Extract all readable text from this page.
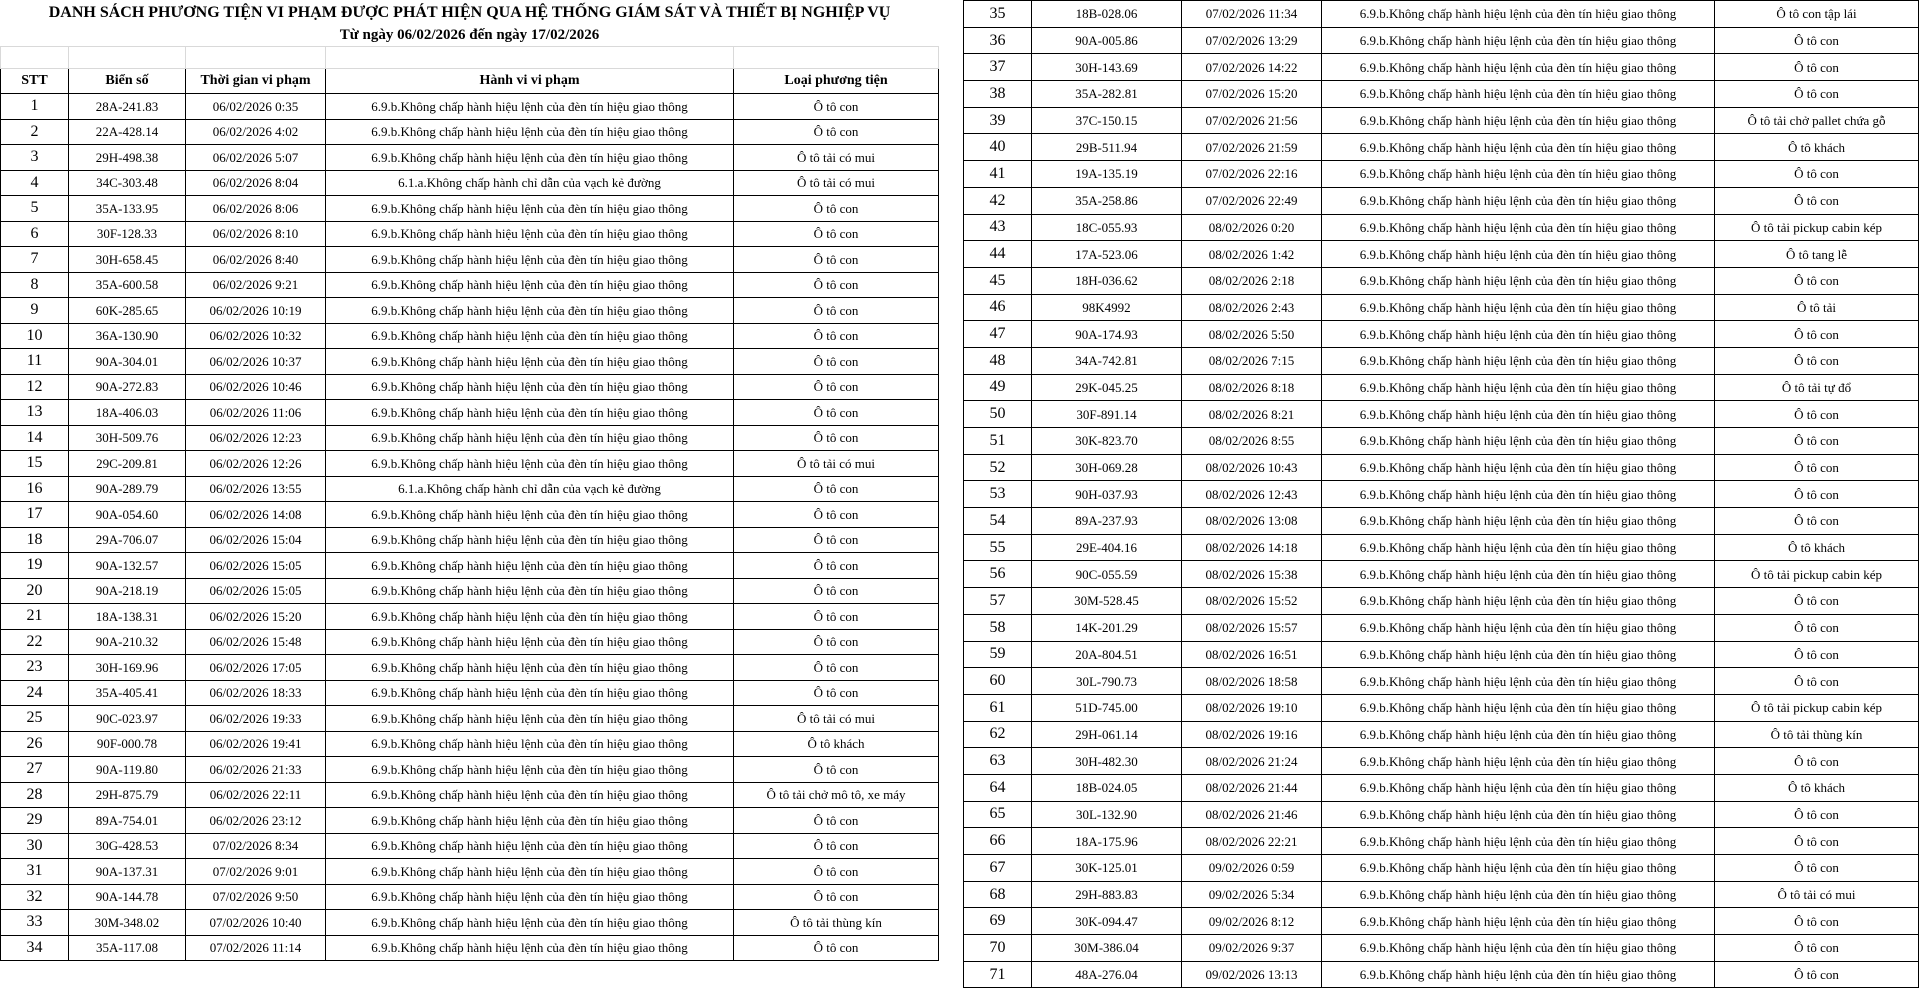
DANH SÁCH PHƯƠNG TIỆN VI PHẠM ĐƯỢC PHÁT HIỆN QUA HỆ THỐNG GIÁM SÁT VÀ THIẾT BỊ NGHIỆP VỤ				
Từ ngày 06/02/2026 đến ngày 17/02/2026				

STT	Biển số	Thời gian vi phạm	Hành vi vi phạm	Loại phương tiện
1	28A-241.83	06/02/2026 0:35	6.9.b.Không chấp hành hiệu lệnh của đèn tín hiệu giao thông	Ô tô con
2	22A-428.14	06/02/2026 4:02	6.9.b.Không chấp hành hiệu lệnh của đèn tín hiệu giao thông	Ô tô con
3	29H-498.38	06/02/2026 5:07	6.9.b.Không chấp hành hiệu lệnh của đèn tín hiệu giao thông	Ô tô tải có mui
4	34C-303.48	06/02/2026 8:04	6.1.a.Không chấp hành chỉ dẫn của vạch kẻ đường	Ô tô tải có mui
5	35A-133.95	06/02/2026 8:06	6.9.b.Không chấp hành hiệu lệnh của đèn tín hiệu giao thông	Ô tô con
6	30F-128.33	06/02/2026 8:10	6.9.b.Không chấp hành hiệu lệnh của đèn tín hiệu giao thông	Ô tô con
7	30H-658.45	06/02/2026 8:40	6.9.b.Không chấp hành hiệu lệnh của đèn tín hiệu giao thông	Ô tô con
8	35A-600.58	06/02/2026 9:21	6.9.b.Không chấp hành hiệu lệnh của đèn tín hiệu giao thông	Ô tô con
9	60K-285.65	06/02/2026 10:19	6.9.b.Không chấp hành hiệu lệnh của đèn tín hiệu giao thông	Ô tô con
10	36A-130.90	06/02/2026 10:32	6.9.b.Không chấp hành hiệu lệnh của đèn tín hiệu giao thông	Ô tô con
11	90A-304.01	06/02/2026 10:37	6.9.b.Không chấp hành hiệu lệnh của đèn tín hiệu giao thông	Ô tô con
12	90A-272.83	06/02/2026 10:46	6.9.b.Không chấp hành hiệu lệnh của đèn tín hiệu giao thông	Ô tô con
13	18A-406.03	06/02/2026 11:06	6.9.b.Không chấp hành hiệu lệnh của đèn tín hiệu giao thông	Ô tô con
14	30H-509.76	06/02/2026 12:23	6.9.b.Không chấp hành hiệu lệnh của đèn tín hiệu giao thông	Ô tô con
15	29C-209.81	06/02/2026 12:26	6.9.b.Không chấp hành hiệu lệnh của đèn tín hiệu giao thông	Ô tô tải có mui
16	90A-289.79	06/02/2026 13:55	6.1.a.Không chấp hành chỉ dẫn của vạch kẻ đường	Ô tô con
17	90A-054.60	06/02/2026 14:08	6.9.b.Không chấp hành hiệu lệnh của đèn tín hiệu giao thông	Ô tô con
18	29A-706.07	06/02/2026 15:04	6.9.b.Không chấp hành hiệu lệnh của đèn tín hiệu giao thông	Ô tô con
19	90A-132.57	06/02/2026 15:05	6.9.b.Không chấp hành hiệu lệnh của đèn tín hiệu giao thông	Ô tô con
20	90A-218.19	06/02/2026 15:05	6.9.b.Không chấp hành hiệu lệnh của đèn tín hiệu giao thông	Ô tô con
21	18A-138.31	06/02/2026 15:20	6.9.b.Không chấp hành hiệu lệnh của đèn tín hiệu giao thông	Ô tô con
22	90A-210.32	06/02/2026 15:48	6.9.b.Không chấp hành hiệu lệnh của đèn tín hiệu giao thông	Ô tô con
23	30H-169.96	06/02/2026 17:05	6.9.b.Không chấp hành hiệu lệnh của đèn tín hiệu giao thông	Ô tô con
24	35A-405.41	06/02/2026 18:33	6.9.b.Không chấp hành hiệu lệnh của đèn tín hiệu giao thông	Ô tô con
25	90C-023.97	06/02/2026 19:33	6.9.b.Không chấp hành hiệu lệnh của đèn tín hiệu giao thông	Ô tô tải có mui
26	90F-000.78	06/02/2026 19:41	6.9.b.Không chấp hành hiệu lệnh của đèn tín hiệu giao thông	Ô tô khách
27	90A-119.80	06/02/2026 21:33	6.9.b.Không chấp hành hiệu lệnh của đèn tín hiệu giao thông	Ô tô con
28	29H-875.79	06/02/2026 22:11	6.9.b.Không chấp hành hiệu lệnh của đèn tín hiệu giao thông	Ô tô tải chở mô tô, xe máy
29	89A-754.01	06/02/2026 23:12	6.9.b.Không chấp hành hiệu lệnh của đèn tín hiệu giao thông	Ô tô con
30	30G-428.53	07/02/2026 8:34	6.9.b.Không chấp hành hiệu lệnh của đèn tín hiệu giao thông	Ô tô con
31	90A-137.31	07/02/2026 9:01	6.9.b.Không chấp hành hiệu lệnh của đèn tín hiệu giao thông	Ô tô con
32	90A-144.78	07/02/2026 9:50	6.9.b.Không chấp hành hiệu lệnh của đèn tín hiệu giao thông	Ô tô con
33	30M-348.02	07/02/2026 10:40	6.9.b.Không chấp hành hiệu lệnh của đèn tín hiệu giao thông	Ô tô tải thùng kín
34	35A-117.08	07/02/2026 11:14	6.9.b.Không chấp hành hiệu lệnh của đèn tín hiệu giao thông	Ô tô con
35	18B-028.06	07/02/2026 11:34	6.9.b.Không chấp hành hiệu lệnh của đèn tín hiệu giao thông	Ô tô con tập lái
36	90A-005.86	07/02/2026 13:29	6.9.b.Không chấp hành hiệu lệnh của đèn tín hiệu giao thông	Ô tô con
37	30H-143.69	07/02/2026 14:22	6.9.b.Không chấp hành hiệu lệnh của đèn tín hiệu giao thông	Ô tô con
38	35A-282.81	07/02/2026 15:20	6.9.b.Không chấp hành hiệu lệnh của đèn tín hiệu giao thông	Ô tô con
39	37C-150.15	07/02/2026 21:56	6.9.b.Không chấp hành hiệu lệnh của đèn tín hiệu giao thông	Ô tô tải chở pallet chứa gỗ
40	29B-511.94	07/02/2026 21:59	6.9.b.Không chấp hành hiệu lệnh của đèn tín hiệu giao thông	Ô tô khách
41	19A-135.19	07/02/2026 22:16	6.9.b.Không chấp hành hiệu lệnh của đèn tín hiệu giao thông	Ô tô con
42	35A-258.86	07/02/2026 22:49	6.9.b.Không chấp hành hiệu lệnh của đèn tín hiệu giao thông	Ô tô con
43	18C-055.93	08/02/2026 0:20	6.9.b.Không chấp hành hiệu lệnh của đèn tín hiệu giao thông	Ô tô tải pickup cabin kép
44	17A-523.06	08/02/2026 1:42	6.9.b.Không chấp hành hiệu lệnh của đèn tín hiệu giao thông	Ô tô tang lễ
45	18H-036.62	08/02/2026 2:18	6.9.b.Không chấp hành hiệu lệnh của đèn tín hiệu giao thông	Ô tô con
46	98K4992	08/02/2026 2:43	6.9.b.Không chấp hành hiệu lệnh của đèn tín hiệu giao thông	Ô tô tải
47	90A-174.93	08/02/2026 5:50	6.9.b.Không chấp hành hiệu lệnh của đèn tín hiệu giao thông	Ô tô con
48	34A-742.81	08/02/2026 7:15	6.9.b.Không chấp hành hiệu lệnh của đèn tín hiệu giao thông	Ô tô con
49	29K-045.25	08/02/2026 8:18	6.9.b.Không chấp hành hiệu lệnh của đèn tín hiệu giao thông	Ô tô tải tự đổ
50	30F-891.14	08/02/2026 8:21	6.9.b.Không chấp hành hiệu lệnh của đèn tín hiệu giao thông	Ô tô con
51	30K-823.70	08/02/2026 8:55	6.9.b.Không chấp hành hiệu lệnh của đèn tín hiệu giao thông	Ô tô con
52	30H-069.28	08/02/2026 10:43	6.9.b.Không chấp hành hiệu lệnh của đèn tín hiệu giao thông	Ô tô con
53	90H-037.93	08/02/2026 12:43	6.9.b.Không chấp hành hiệu lệnh của đèn tín hiệu giao thông	Ô tô con
54	89A-237.93	08/02/2026 13:08	6.9.b.Không chấp hành hiệu lệnh của đèn tín hiệu giao thông	Ô tô con
55	29E-404.16	08/02/2026 14:18	6.9.b.Không chấp hành hiệu lệnh của đèn tín hiệu giao thông	Ô tô khách
56	90C-055.59	08/02/2026 15:38	6.9.b.Không chấp hành hiệu lệnh của đèn tín hiệu giao thông	Ô tô tải pickup cabin kép
57	30M-528.45	08/02/2026 15:52	6.9.b.Không chấp hành hiệu lệnh của đèn tín hiệu giao thông	Ô tô con
58	14K-201.29	08/02/2026 15:57	6.9.b.Không chấp hành hiệu lệnh của đèn tín hiệu giao thông	Ô tô con
59	20A-804.51	08/02/2026 16:51	6.9.b.Không chấp hành hiệu lệnh của đèn tín hiệu giao thông	Ô tô con
60	30L-790.73	08/02/2026 18:58	6.9.b.Không chấp hành hiệu lệnh của đèn tín hiệu giao thông	Ô tô con
61	51D-745.00	08/02/2026 19:10	6.9.b.Không chấp hành hiệu lệnh của đèn tín hiệu giao thông	Ô tô tải pickup cabin kép
62	29H-061.14	08/02/2026 19:16	6.9.b.Không chấp hành hiệu lệnh của đèn tín hiệu giao thông	Ô tô tải thùng kín
63	30H-482.30	08/02/2026 21:24	6.9.b.Không chấp hành hiệu lệnh của đèn tín hiệu giao thông	Ô tô con
64	18B-024.05	08/02/2026 21:44	6.9.b.Không chấp hành hiệu lệnh của đèn tín hiệu giao thông	Ô tô khách
65	30L-132.90	08/02/2026 21:46	6.9.b.Không chấp hành hiệu lệnh của đèn tín hiệu giao thông	Ô tô con
66	18A-175.96	08/02/2026 22:21	6.9.b.Không chấp hành hiệu lệnh của đèn tín hiệu giao thông	Ô tô con
67	30K-125.01	09/02/2026 0:59	6.9.b.Không chấp hành hiệu lệnh của đèn tín hiệu giao thông	Ô tô con
68	29H-883.83	09/02/2026 5:34	6.9.b.Không chấp hành hiệu lệnh của đèn tín hiệu giao thông	Ô tô tải có mui
69	30K-094.47	09/02/2026 8:12	6.9.b.Không chấp hành hiệu lệnh của đèn tín hiệu giao thông	Ô tô con
70	30M-386.04	09/02/2026 9:37	6.9.b.Không chấp hành hiệu lệnh của đèn tín hiệu giao thông	Ô tô con
71	48A-276.04	09/02/2026 13:13	6.9.b.Không chấp hành hiệu lệnh của đèn tín hiệu giao thông	Ô tô con
